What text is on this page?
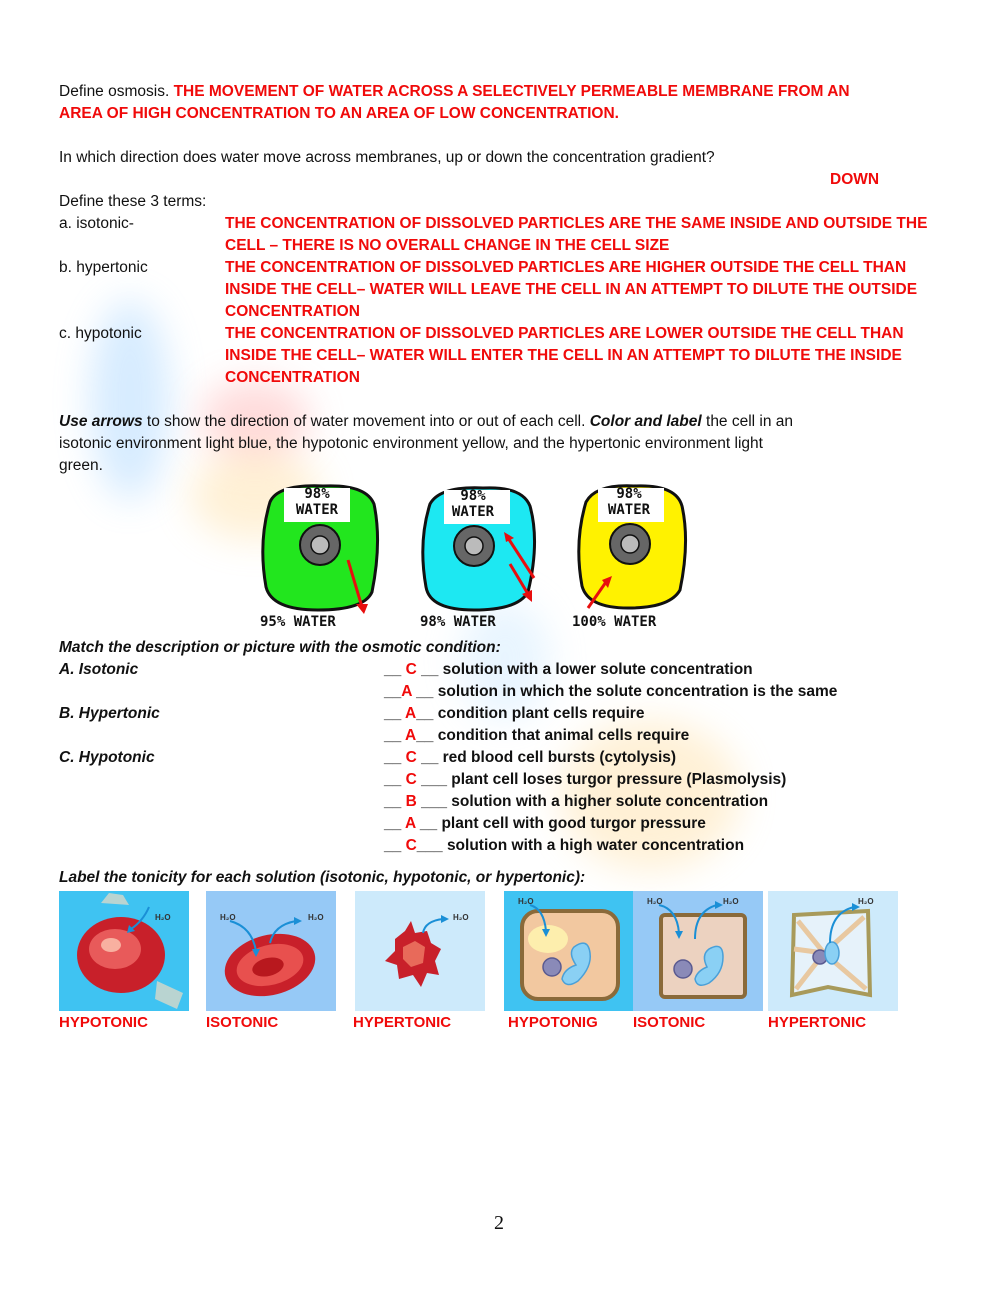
Define osmosis. THE MOVEMENT OF WATER ACROSS A SELECTIVELY PERMEABLE MEMBRANE FROM AN
AREA OF HIGH CONCENTRATION TO AN AREA OF LOW CONCENTRATION.
In which direction does water move across membranes, up or down the concentration gradient?
DOWN
Define these 3 terms:
a. isotonic-	THE CONCENTRATION OF DISSOLVED PARTICLES ARE THE SAME INSIDE AND OUTSIDE THE
CELL – THERE IS NO OVERALL CHANGE IN THE CELL SIZE
b. hypertonic	THE CONCENTRATION OF DISSOLVED PARTICLES ARE HIGHER OUTSIDE THE CELL THAN
INSIDE THE CELL– WATER WILL LEAVE THE CELL IN AN ATTEMPT TO DILUTE THE OUTSIDE
CONCENTRATION
c. hypotonic	THE CONCENTRATION OF DISSOLVED PARTICLES ARE LOWER OUTSIDE THE CELL THAN
INSIDE THE CELL– WATER WILL ENTER THE CELL IN AN ATTEMPT TO DILUTE THE INSIDE
CONCENTRATION
Use arrows to show the direction of water movement into or out of each cell. Color and label the cell in an
isotonic environment light blue, the hypotonic environment yellow, and the hypertonic environment light
green.
98%
WATER
95% WATER
98%
WATER
98% WATER
98%
WATER
100% WATER
Match the description or picture with the osmotic condition:
A. Isotonic
B. Hypertonic
C. Hypotonic
__ C __ solution with a lower solute concentration
__A __ solution in which the solute concentration is the same
__ A__ condition plant cells require
__ A__ condition that animal cells require
__ C __ red blood cell bursts (cytolysis)
__ C ___ plant cell loses turgor pressure (Plasmolysis)
__ B ___ solution with a higher solute concentration
__ A __ plant cell with good turgor pressure
__ C___ solution with a high water concentration
Label the tonicity for each solution (isotonic, hypotonic, or hypertonic):
H₂O	H₂O	H₂O	H₂O
H₂O	H₂O	H₂O	H₂O
HYPOTONIC	ISOTONIC	HYPERTONIC	HYPOTONIG ISOTONIC	HYPERTONIC
2
